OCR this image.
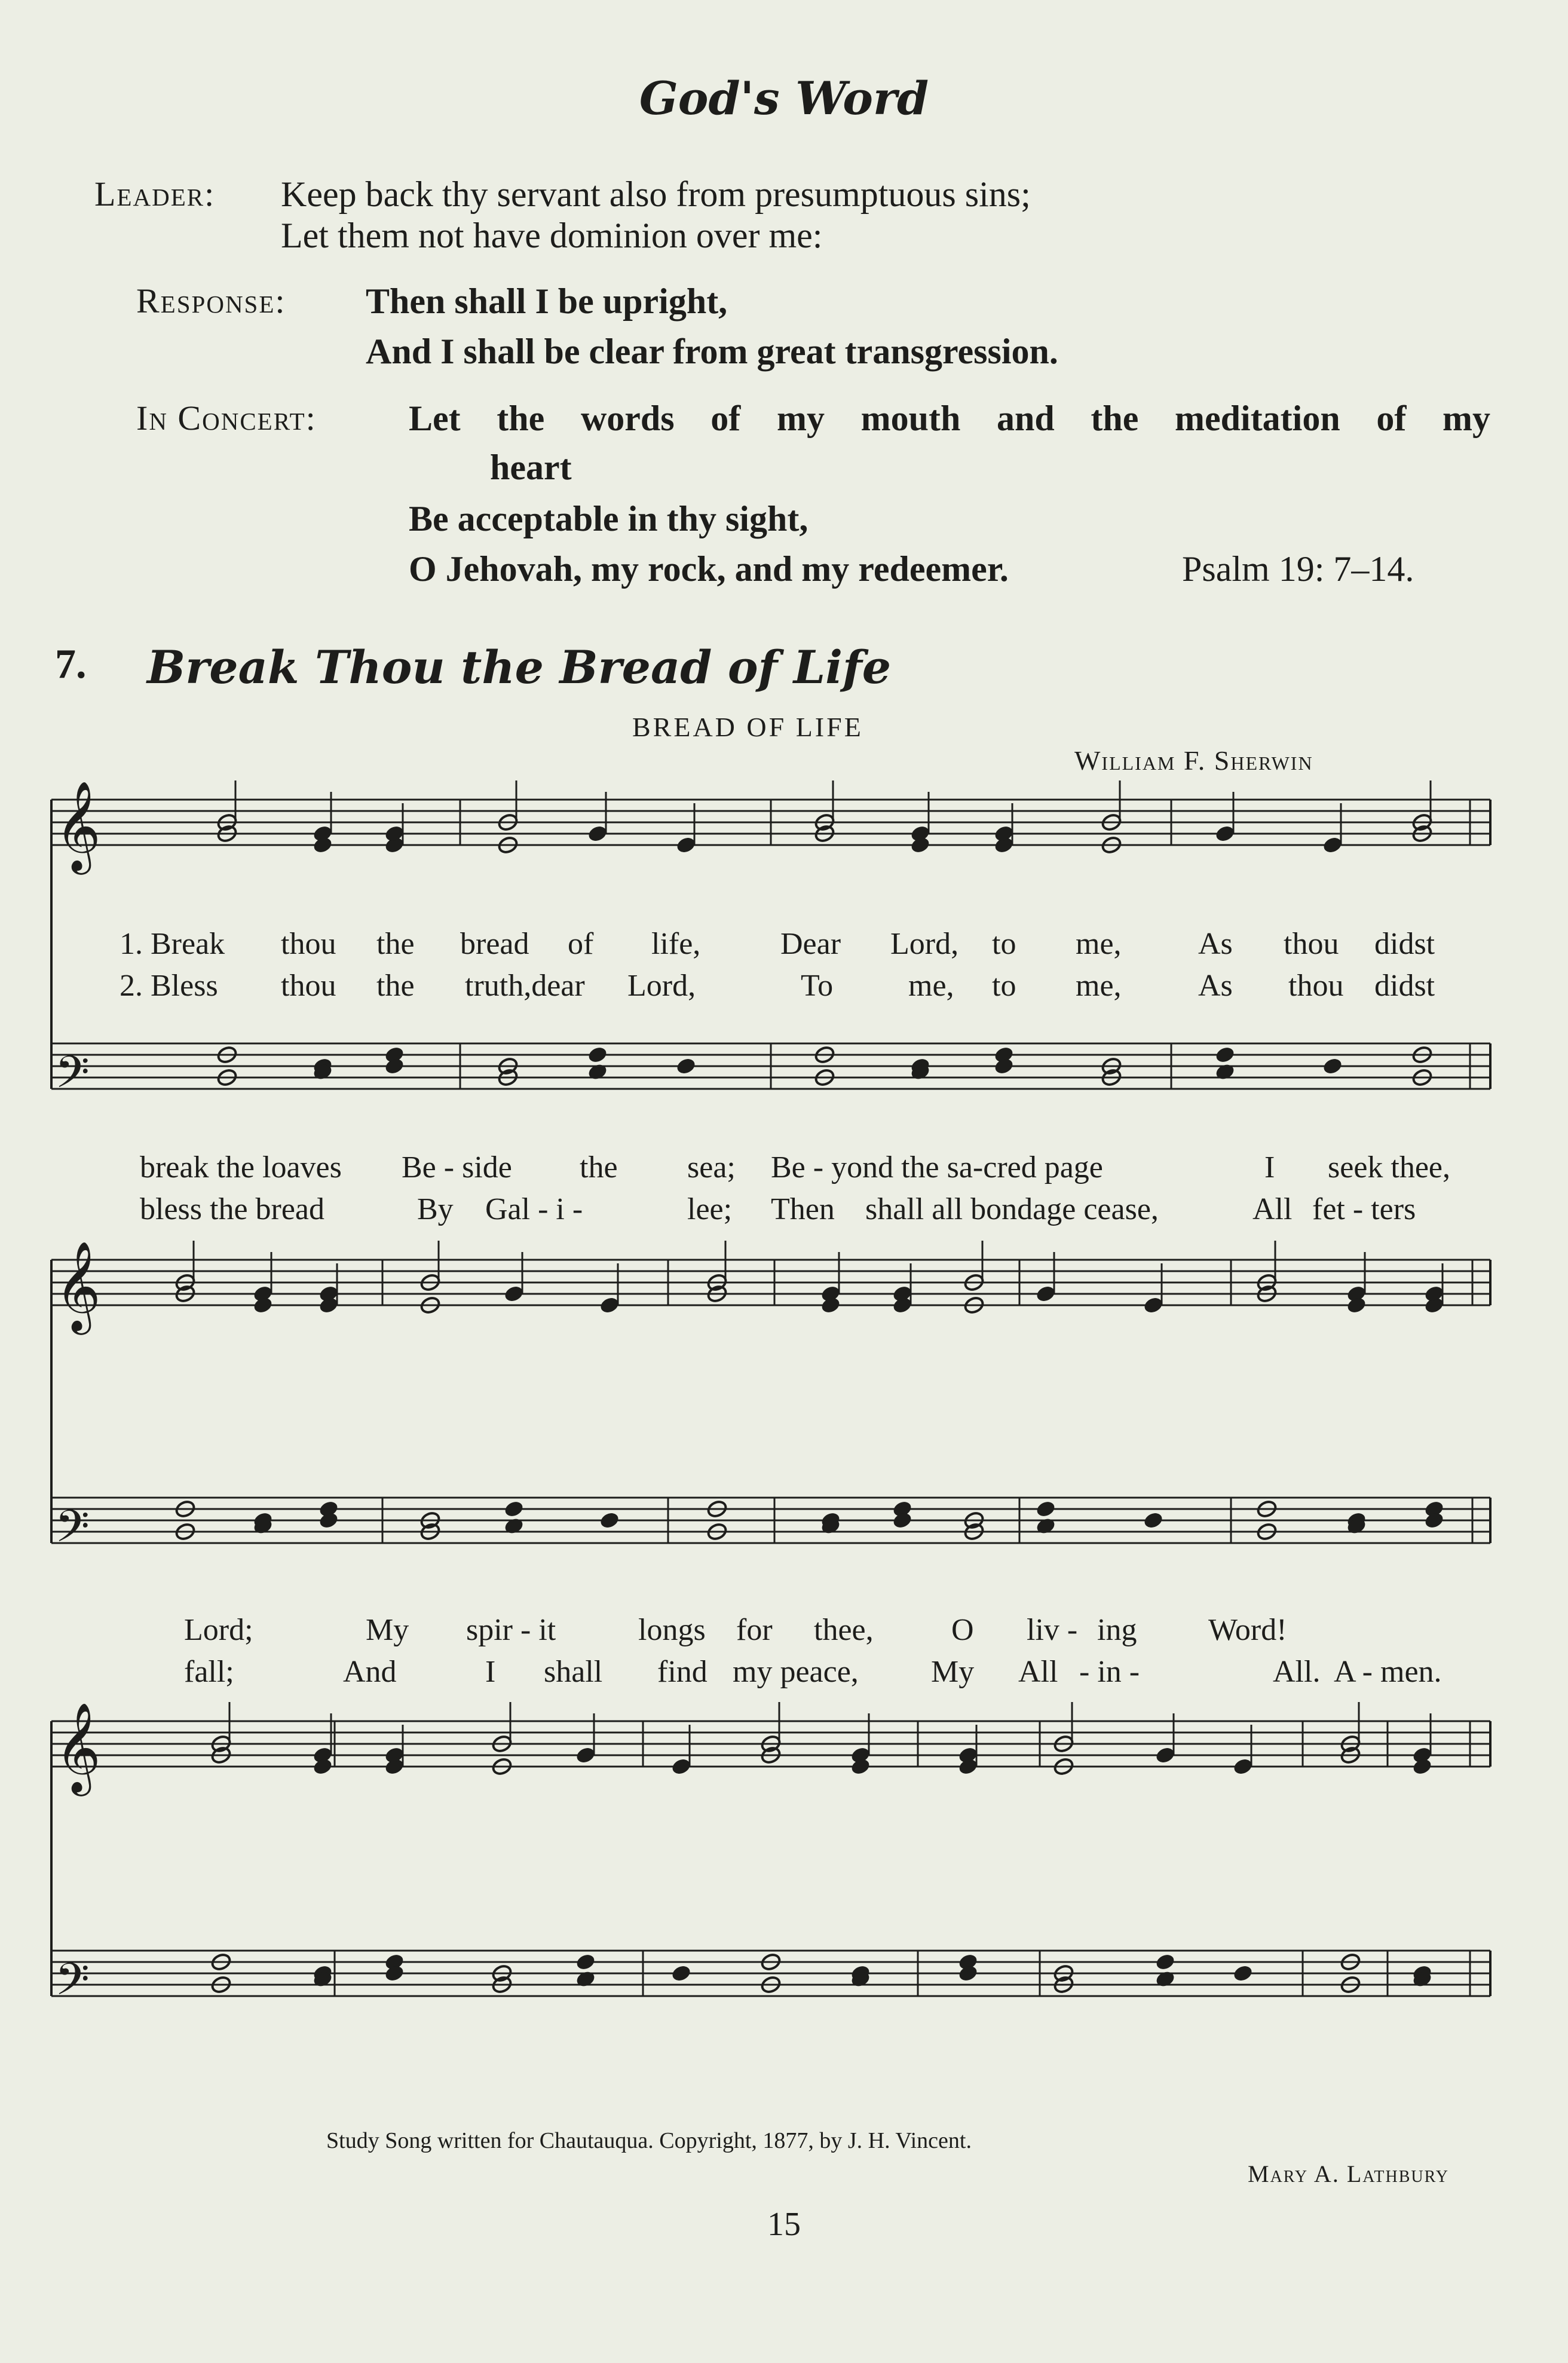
God's Word
Leader: Keep back thy servant also from presumptuous sins;
Let them not have dominion over me:
Response: Then shall I be upright,
And I shall be clear from great transgression.
In Concert:	Let the words of my mouth and the meditation of my
heart
Be acceptable in thy sight,
O Jehovah, my rock, and my redeemer.	Psalm 19: 7–14.
7. Break Thou the Bread of Life
BREAD OF LIFE
William F. Sherwin
𝄞
𝄢
𝄞
𝄢
𝄞
𝄢
1. Break thou the bread of life,	Dear Lord, to me, As thou didst
2. Bless thou the truth,dear Lord,	To me, to me, As thou didst
break the loaves Be - side the sea; Be - yond the sa-cred page	I seek thee,
bless the bread	By Gal - i -	lee; Then shall all bondage cease,	All fet - ters
Lord;	My spir - it	longs for thee,	O liv - ing Word!
fall;	And	I shall find my peace, My All - in -	All. A - men.
Study Song written for Chautauqua. Copyright, 1877, by J. H. Vincent.
Mary A. Lathbury
15
